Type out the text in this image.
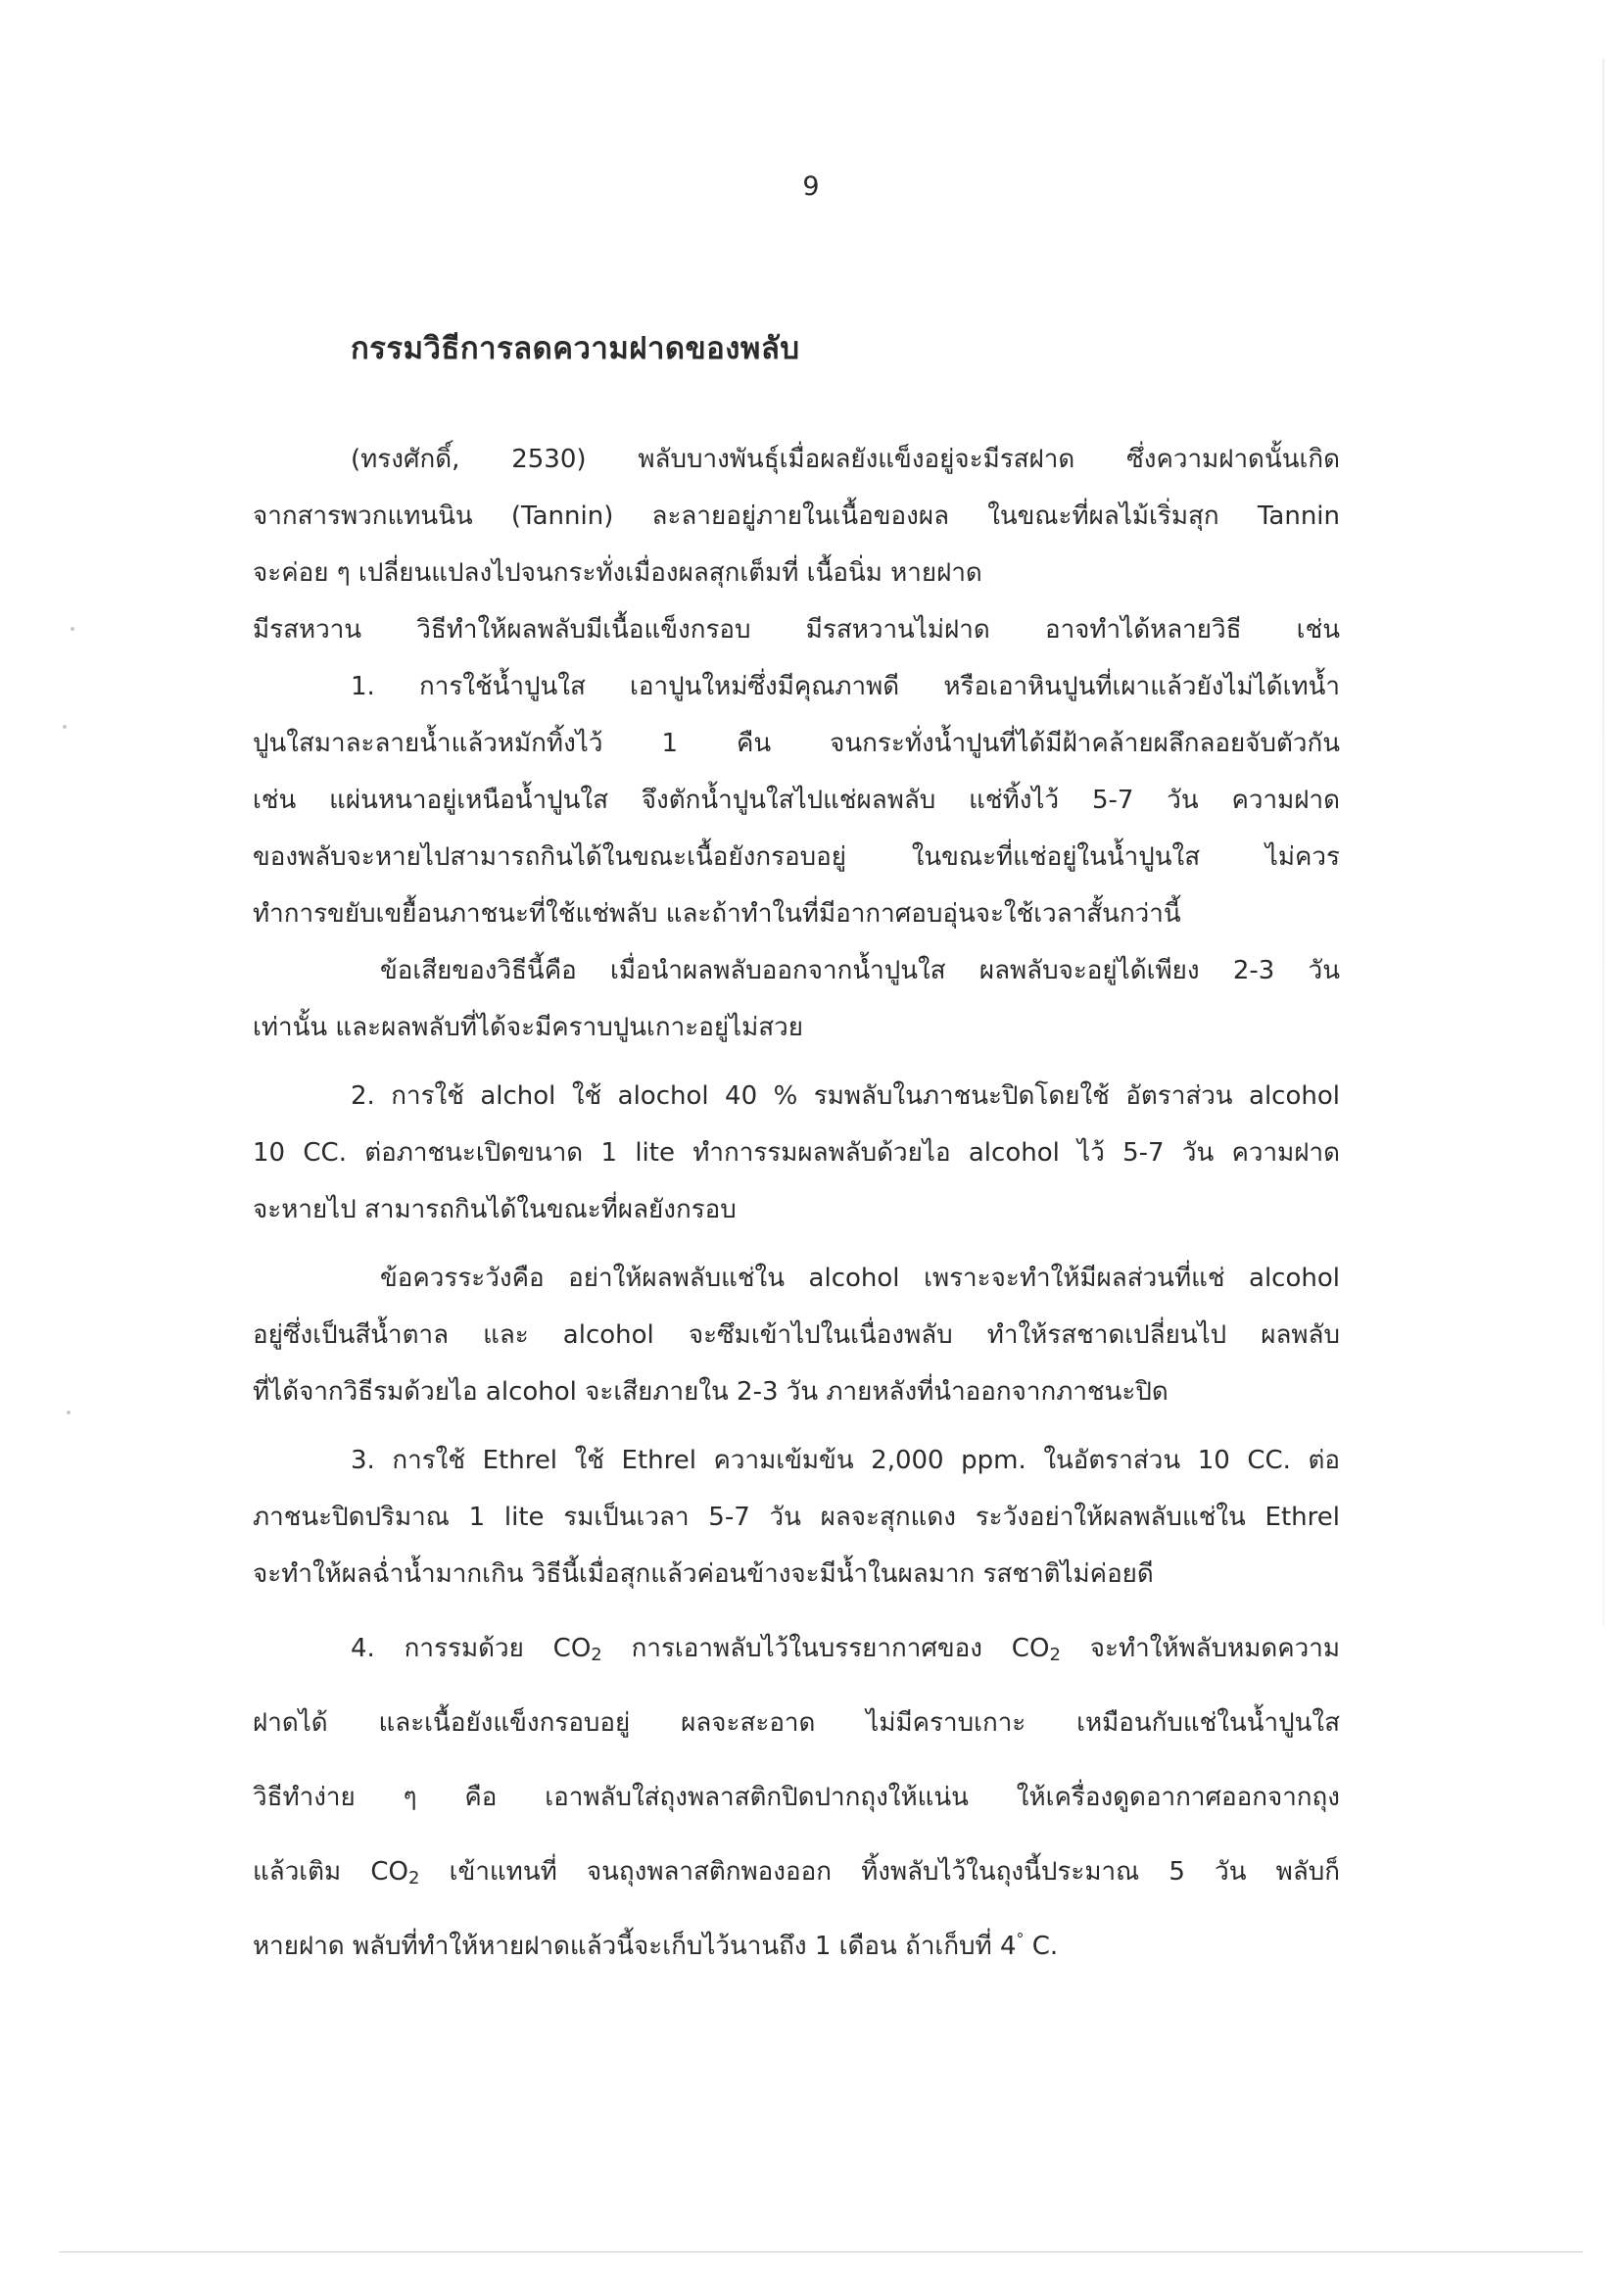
9
กรรมวิธีการลดความฝาดของพลับ
(ทรงศักดิ์, 2530) พลับบางพันธุ์เมื่อผลยังแข็งอยู่จะมีรสฝาด ซึ่งความฝาดนั้นเกิด
จากสารพวกแทนนิน (Tannin) ละลายอยู่ภายในเนื้อของผล ในขณะที่ผลไม้เริ่มสุก Tannin
จะค่อย ๆ เปลี่ยนแปลงไปจนกระทั่งเมื่องผลสุกเต็มที่ เนื้อนิ่ม หายฝาด
มีรสหวาน วิธีทำให้ผลพลับมีเนื้อแข็งกรอบ มีรสหวานไม่ฝาด อาจทำได้หลายวิธี เช่น
1. การใช้น้ำปูนใส เอาปูนใหม่ซึ่งมีคุณภาพดี หรือเอาหินปูนที่เผาแล้วยังไม่ได้เทน้ำ
ปูนใสมาละลายน้ำแล้วหมักทิ้งไว้ 1 คืน จนกระทั่งน้ำปูนที่ได้มีฝ้าคล้ายผลึกลอยจับตัวกัน
เช่น แผ่นหนาอยู่เหนือน้ำปูนใส จึงตักน้ำปูนใสไปแช่ผลพลับ แช่ทิ้งไว้ 5-7 วัน ความฝาด
ของพลับจะหายไปสามารถกินได้ในขณะเนื้อยังกรอบอยู่ ในขณะที่แช่อยู่ในน้ำปูนใส ไม่ควร
ทำการขยับเขยื้อนภาชนะที่ใช้แช่พลับ และถ้าทำในที่มีอากาศอบอุ่นจะใช้เวลาสั้นกว่านี้
ข้อเสียของวิธีนี้คือ เมื่อนำผลพลับออกจากน้ำปูนใส ผลพลับจะอยู่ได้เพียง 2-3 วัน
เท่านั้น และผลพลับที่ได้จะมีคราบปูนเกาะอยู่ไม่สวย
2. การใช้ alchol ใช้ alochol 40 % รมพลับในภาชนะปิดโดยใช้ อัตราส่วน alcohol
10 CC. ต่อภาชนะเปิดขนาด 1 lite ทำการรมผลพลับด้วยไอ alcohol ไว้ 5-7 วัน ความฝาด
จะหายไป สามารถกินได้ในขณะที่ผลยังกรอบ
ข้อควรระวังคือ อย่าให้ผลพลับแช่ใน alcohol เพราะจะทำให้มีผลส่วนที่แช่ alcohol
อยู่ซึ่งเป็นสีน้ำตาล และ alcohol จะซึมเข้าไปในเนื่องพลับ ทำให้รสชาดเปลี่ยนไป ผลพลับ
ที่ได้จากวิธีรมด้วยไอ alcohol จะเสียภายใน 2-3 วัน ภายหลังที่นำออกจากภาชนะปิด
3. การใช้ Ethrel ใช้ Ethrel ความเข้มข้น 2,000 ppm. ในอัตราส่วน 10 CC. ต่อ
ภาชนะปิดปริมาณ 1 lite รมเป็นเวลา 5-7 วัน ผลจะสุกแดง ระวังอย่าให้ผลพลับแช่ใน Ethrel
จะทำให้ผลฉ่ำน้ำมากเกิน วิธีนี้เมื่อสุกแล้วค่อนข้างจะมีน้ำในผลมาก รสชาติไม่ค่อยดี
4. การรมด้วย $CO_2$ การเอาพลับไว้ในบรรยากาศของ $CO_2$ จะทำให้พลับหมดความ
ฝาดได้ และเนื้อยังแข็งกรอบอยู่ ผลจะสะอาด ไม่มีคราบเกาะ เหมือนกับแช่ในน้ำปูนใส
วิธีทำง่าย ๆ คือ เอาพลับใส่ถุงพลาสติกปิดปากถุงให้แน่น ให้เครื่องดูดอากาศออกจากถุง
แล้วเติม $CO_2$ เข้าแทนที่ จนถุงพลาสติกพองออก ทิ้งพลับไว้ในถุงนี้ประมาณ 5 วัน พลับก็
หายฝาด พลับที่ทำให้หายฝาดแล้วนี้จะเก็บไว้นานถึง 1 เดือน ถ้าเก็บที่ 4° C.
